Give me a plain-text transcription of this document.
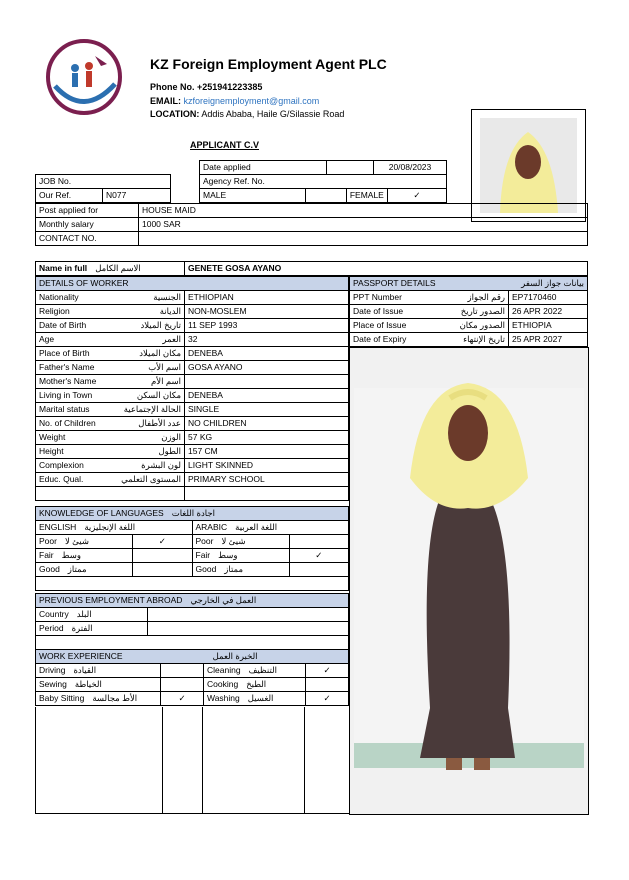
KZ Foreign Employment Agent PLC
Phone No. +251941223385
EMAIL: kzforeignemployment@gmail.com
LOCATION: Addis Ababa, Haile G/Silassie Road
APPLICANT C.V
Date applied		20/08/2023
JOB No.
Our Ref.	N077
Agency Ref. No.
MALE		FEMALE	✓
Post applied for	HOUSE MAID
Monthly salary	1000 SAR
CONTACT NO.	
Name in full الاسم الكامل	GENETE GOSA AYANO
DETAILS OF WORKER	
Nationality الجنسية	ETHIOPIAN
Religion الديانة	NON-MOSLEM
Date of Birth تاريخ الميلاد	11 SEP 1993
Age العمر	32
Place of Birth مكان الميلاد	DENEBA
Father's Name اسم الأب	GOSA AYANO
Mother's Name اسم الأم	

Living in Town مكان السكن	DENEBA
Marital status الحالة الإجتماعية	SINGLE
No. of Children عدد الأطفال	NO CHILDREN
Weight الوزن	57 KG
Height الطول	157 CM
Complexion لون البشرة	LIGHT SKINNED
Educ. Qual. المستوى التعلمي	PRIMARY SCHOOL

PASSPORT DETAILS بيانات جواز السفر	

PPT Number رقم الجواز	EP7170460
Date of Issue الصدور تاريخ	26 APR 2022
Place of Issue الصدور مكان	ETHIOPIA
Date of Expiry تاريخ الإنتهاء	25 APR 2027
KNOWLEDGE OF LANGUAGES اجادة اللغات			
ENGLISH اللغة الإنجليزية		ARABIC اللغة العربية	
Poor شيئ لا	✓	Poor شيئ لا	
Fair وسط		Fair وسط	✓
Good ممتاز		Good ممتاز	

PREVIOUS EMPLOYMENT ABROAD العمل في الخارجي	
Country البلد	
Period الفترة	

WORK EXPERIENCE الخبرة العمل			
Driving القيادة		Cleaning التنظيف	✓
Sewing الخياطة		Cooking الطبخ	
Baby Sitting الأط مجالسة	✓	Washing الغسيل	✓
